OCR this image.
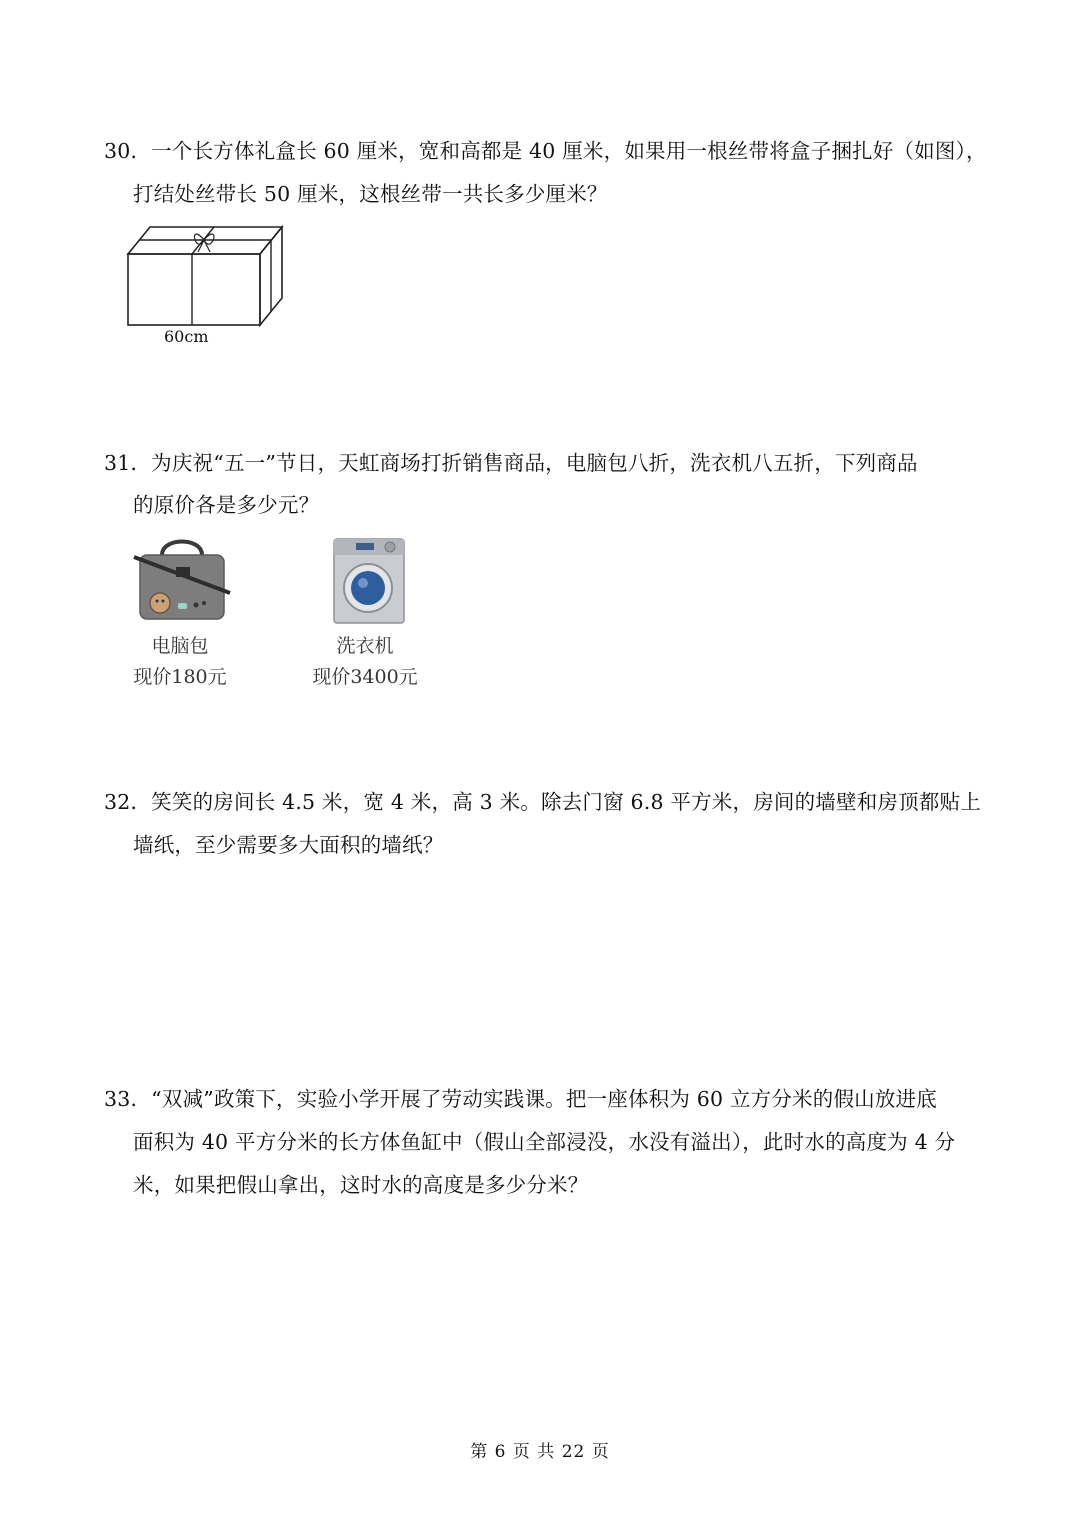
30．一个长方体礼盒长 60 厘米，宽和高都是 40 厘米，如果用一根丝带将盒子捆扎好（如图），
打结处丝带长 50 厘米，这根丝带一共长多少厘米？
60cm
31．为庆祝“五一”节日，天虹商场打折销售商品，电脑包八折，洗衣机八五折，下列商品
的原价各是多少元？
电脑包
现价180元
洗衣机
现价3400元
32．笑笑的房间长 4.5 米，宽 4 米，高 3 米。除去门窗 6.8 平方米，房间的墙壁和房顶都贴上
墙纸，至少需要多大面积的墙纸？
33．“双减”政策下，实验小学开展了劳动实践课。把一座体积为 60 立方分米的假山放进底
面积为 40 平方分米的长方体鱼缸中（假山全部浸没，水没有溢出），此时水的高度为 4 分
米，如果把假山拿出，这时水的高度是多少分米？
第 6 页 共 22 页
